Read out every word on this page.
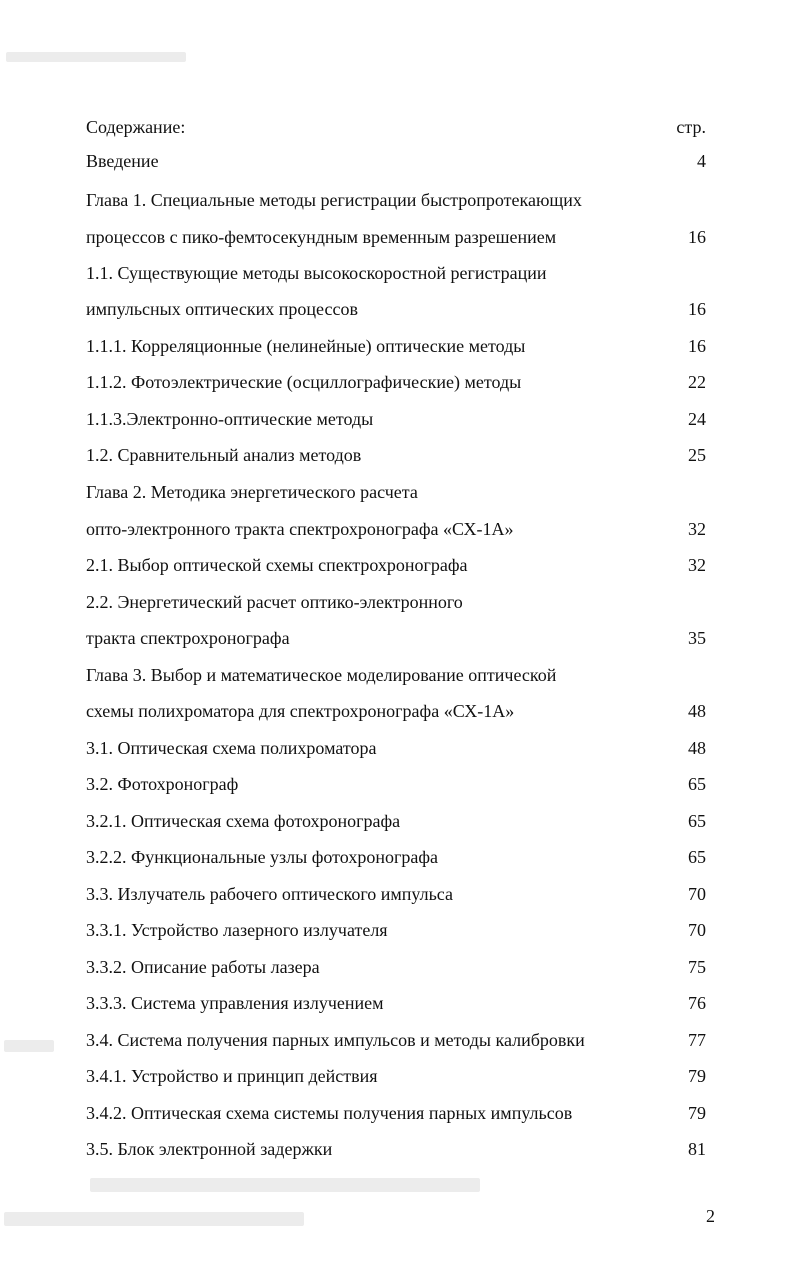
Содержание:	стр.
Введение	4
Глава 1. Специальные методы регистрации быстропротекающих
процессов с пико-фемтосекундным временным разрешением	16
1.1. Существующие методы высокоскоростной регистрации
импульсных оптических процессов	16
1.1.1. Корреляционные (нелинейные) оптические методы	16
1.1.2. Фотоэлектрические (осциллографические) методы	22
1.1.3.Электронно-оптические методы	24
1.2. Сравнительный анализ методов	25
Глава 2. Методика энергетического расчета
опто-электронного тракта спектрохронографа «СХ-1А»	32
2.1. Выбор оптической схемы спектрохронографа	32
2.2. Энергетический расчет оптико-электронного
тракта спектрохронографа	35
Глава 3. Выбор и математическое моделирование оптической
схемы полихроматора для спектрохронографа «СХ-1А»	48
3.1. Оптическая схема полихроматора	48
3.2. Фотохронограф	65
3.2.1. Оптическая схема фотохронографа	65
3.2.2. Функциональные узлы фотохронографа	65
3.3. Излучатель рабочего оптического импульса	70
3.3.1. Устройство лазерного излучателя	70
3.3.2. Описание работы лазера	75
3.3.3. Система управления излучением	76
3.4. Система получения парных импульсов и методы калибровки	77
3.4.1. Устройство и принцип действия	79
3.4.2. Оптическая схема системы получения парных импульсов	79
3.5. Блок электронной задержки	81
2
